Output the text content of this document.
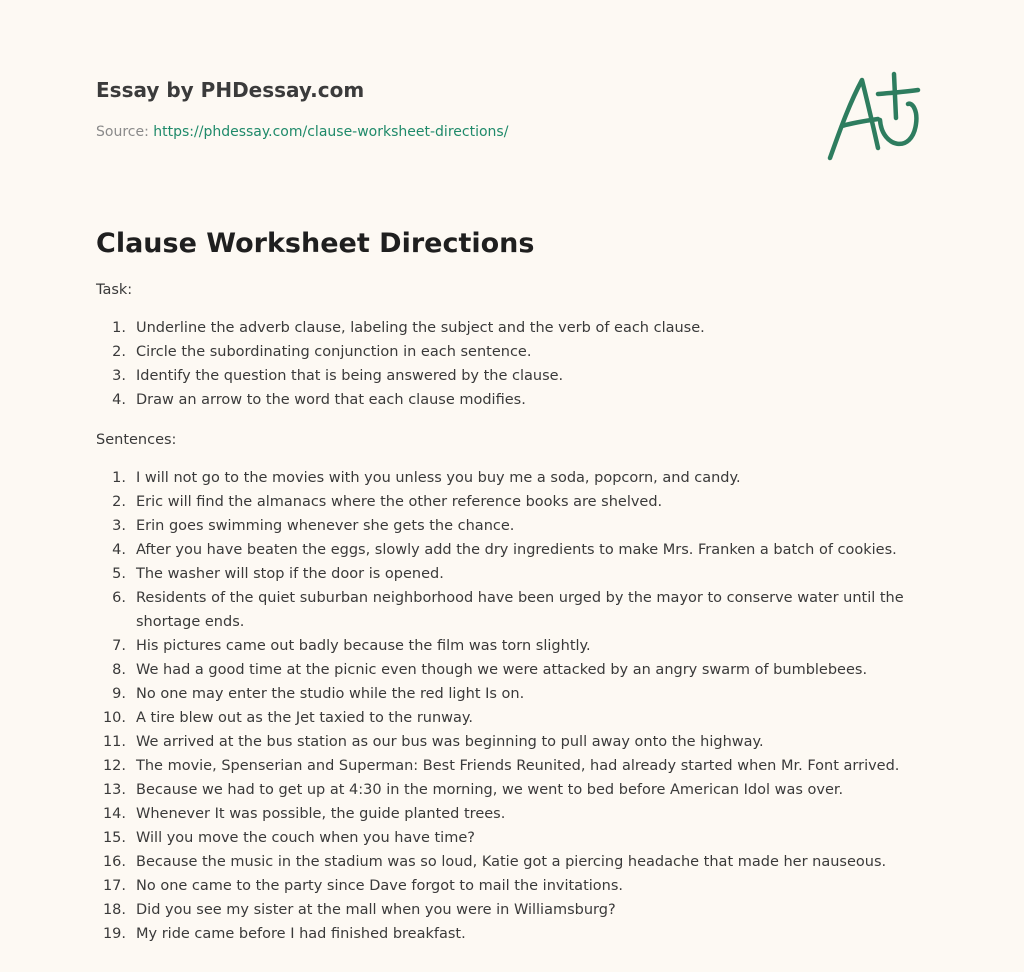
Essay by PHDessay.com

Source: https://phdessay.com/clause-worksheet-directions/
Clause Worksheet Directions

Task:

1. Underline the adverb clause, labeling the subject and the verb of each clause.
2. Circle the subordinating conjunction in each sentence.
3. Identify the question that is being answered by the clause.
4. Draw an arrow to the word that each clause modifies.

Sentences:

1. I will not go to the movies with you unless you buy me a soda, popcorn, and candy.
2. Eric will find the almanacs where the other reference books are shelved.
3. Erin goes swimming whenever she gets the chance.
4. After you have beaten the eggs, slowly add the dry ingredients to make Mrs. Franken a batch of cookies.
5. The washer will stop if the door is opened.
6. Residents of the quiet suburban neighborhood have been urged by the mayor to conserve water until the shortage ends.
7. His pictures came out badly because the film was torn slightly.
8. We had a good time at the picnic even though we were attacked by an angry swarm of bumblebees.
9. No one may enter the studio while the red light Is on.
10. A tire blew out as the Jet taxied to the runway.
11. We arrived at the bus station as our bus was beginning to pull away onto the highway.
12. The movie, Spenserian and Superman: Best Friends Reunited, had already started when Mr. Font arrived.
13. Because we had to get up at 4:30 in the morning, we went to bed before American Idol was over.
14. Whenever It was possible, the guide planted trees.
15. Will you move the couch when you have time?
16. Because the music in the stadium was so loud, Katie got a piercing headache that made her nauseous.
17. No one came to the party since Dave forgot to mail the invitations.
18. Did you see my sister at the mall when you were in Williamsburg?
19. My ride came before I had finished breakfast.
